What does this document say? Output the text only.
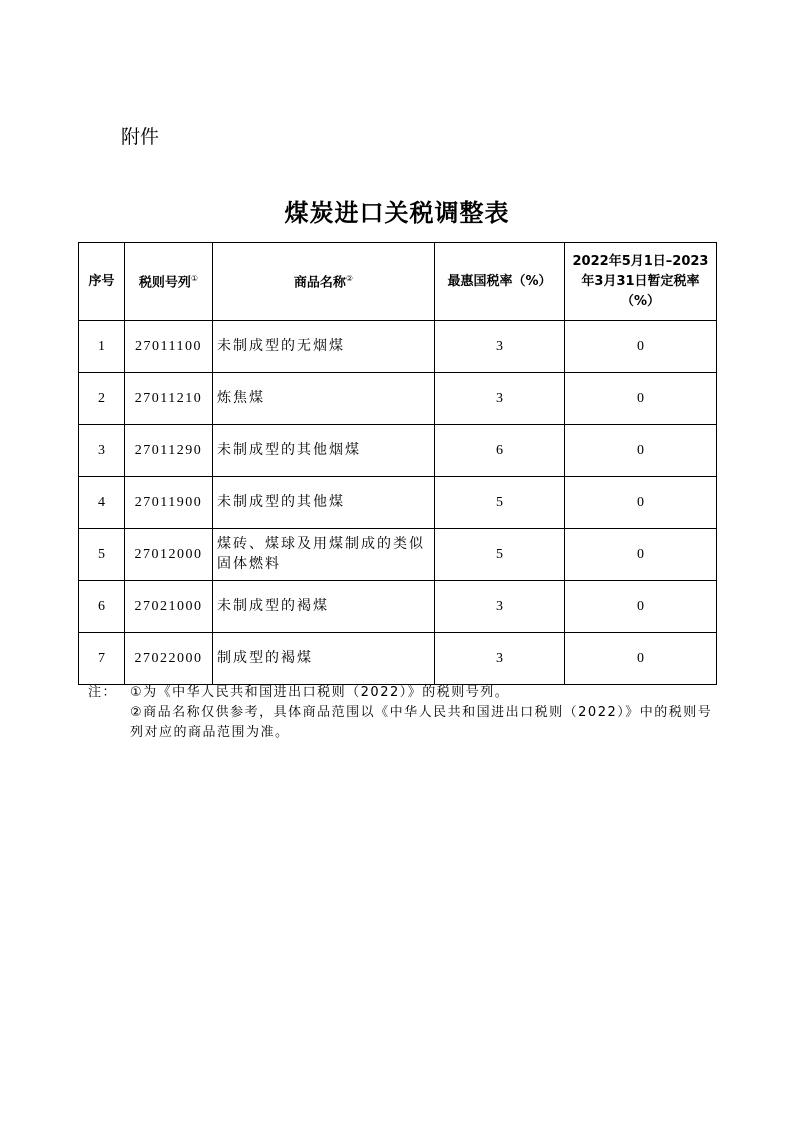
附件
煤炭进口关税调整表
序号	税则号列①	商品名称②	最惠国税率（%）	2022年5月1日–2023年3月31日暂定税率（%）
1	27011100	未制成型的无烟煤	3	0
2	27011210	炼焦煤	3	0
3	27011290	未制成型的其他烟煤	6	0
4	27011900	未制成型的其他煤	5	0
5	27012000	煤砖、煤球及用煤制成的类似固体燃料	5	0
6	27021000	未制成型的褐煤	3	0
7	27022000	制成型的褐煤	3	0
注： ①为《中华人民共和国进出口税则（2022）》的税则号列。
②商品名称仅供参考，具体商品范围以《中华人民共和国进出口税则（2022）》中的税则号列对应的商品范围为准。
